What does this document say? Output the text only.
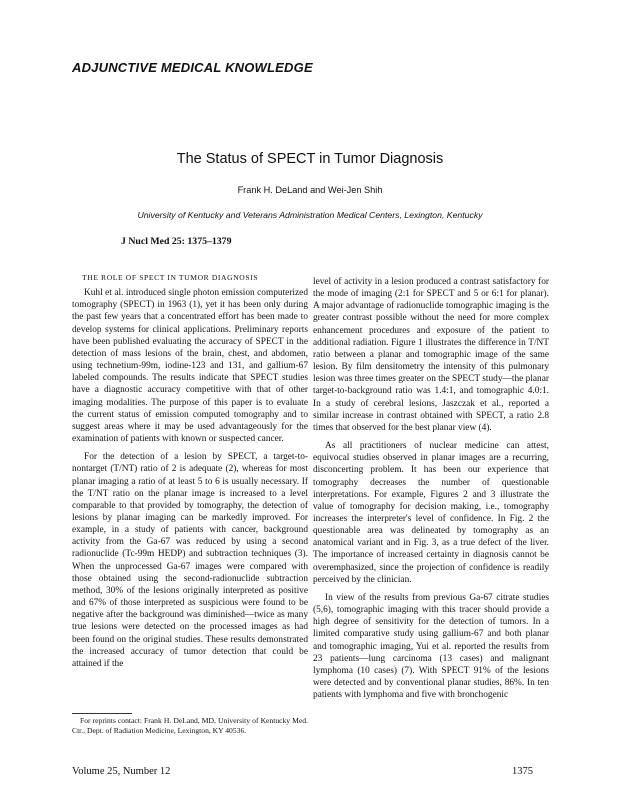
ADJUNCTIVE MEDICAL KNOWLEDGE
The Status of SPECT in Tumor Diagnosis
Frank H. DeLand and Wei-Jen Shih
University of Kentucky and Veterans Administration Medical Centers, Lexington, Kentucky
J Nucl Med 25: 1375–1379
THE ROLE OF SPECT IN TUMOR DIAGNOSIS

Kuhl et al. introduced single photon emission computerized tomography (SPECT) in 1963 (1), yet it has been only during the past few years that a concentrated effort has been made to develop systems for clinical applications. Preliminary reports have been published evaluating the accuracy of SPECT in the detection of mass lesions of the brain, chest, and abdomen, using technetium-99m, iodine-123 and 131, and gallium-67 labeled compounds. The results indicate that SPECT studies have a diagnostic accuracy competitive with that of other imaging modalities. The purpose of this paper is to evaluate the current status of emission computed tomography and to suggest areas where it may be used advantageously for the examination of patients with known or suspected cancer.

For the detection of a lesion by SPECT, a target-to-nontarget (T/NT) ratio of 2 is adequate (2), whereas for most planar imaging a ratio of at least 5 to 6 is usually necessary. If the T/NT ratio on the planar image is increased to a level comparable to that provided by tomography, the detection of lesions by planar imaging can be markedly improved. For example, in a study of patients with cancer, background activity from the Ga-67 was reduced by using a second radionuclide (Tc-99m HEDP) and subtraction techniques (3). When the unprocessed Ga-67 images were compared with those obtained using the second-radionuclide subtraction method, 30% of the lesions originally interpreted as positive and 67% of those interpreted as suspicious were found to be negative after the background was diminished—twice as many true lesions were detected on the processed images as had been found on the original studies. These results demonstrated the increased accuracy of tumor detection that could be attained if the

level of activity in a lesion produced a contrast satisfactory for the mode of imaging (2:1 for SPECT and 5 or 6:1 for planar). A major advantage of radionuclide tomographic imaging is the greater contrast possible without the need for more complex enhancement procedures and exposure of the patient to additional radiation. Figure 1 illustrates the difference in T/NT ratio between a planar and tomographic image of the same lesion. By film densitometry the intensity of this pulmonary lesion was three times greater on the SPECT study—the planar target-to-background ratio was 1.4:1, and tomographic 4.0:1. In a study of cerebral lesions, Jaszczak et al., reported a similar increase in contrast obtained with SPECT, a ratio 2.8 times that observed for the best planar view (4).

As all practitioners of nuclear medicine can attest, equivocal studies observed in planar images are a recurring, disconcerting problem. It has been our experience that tomography decreases the number of questionable interpretations. For example, Figures 2 and 3 illustrate the value of tomography for decision making, i.e., tomography increases the interpreter's level of confidence. In Fig. 2 the questionable area was delineated by tomography as an anatomical variant and in Fig. 3, as a true defect of the liver. The importance of increased certainty in diagnosis cannot be overemphasized, since the projection of confidence is readily perceived by the clinician.

In view of the results from previous Ga-67 citrate studies (5,6), tomographic imaging with this tracer should provide a high degree of sensitivity for the detection of tumors. In a limited comparative study using gallium-67 and both planar and tomographic imaging, Yui et al. reported the results from 23 patients—lung carcinoma (13 cases) and malignant lymphoma (10 cases) (7). With SPECT 91% of the lesions were detected and by conventional planar studies, 86%. In ten patients with lymphoma and five with bronchogenic

For reprints contact: Frank H. DeLand, MD, University of Kentucky Med. Ctr., Dept. of Radiation Medicine, Lexington, KY 40536.
Volume 25, Number 12	1375
